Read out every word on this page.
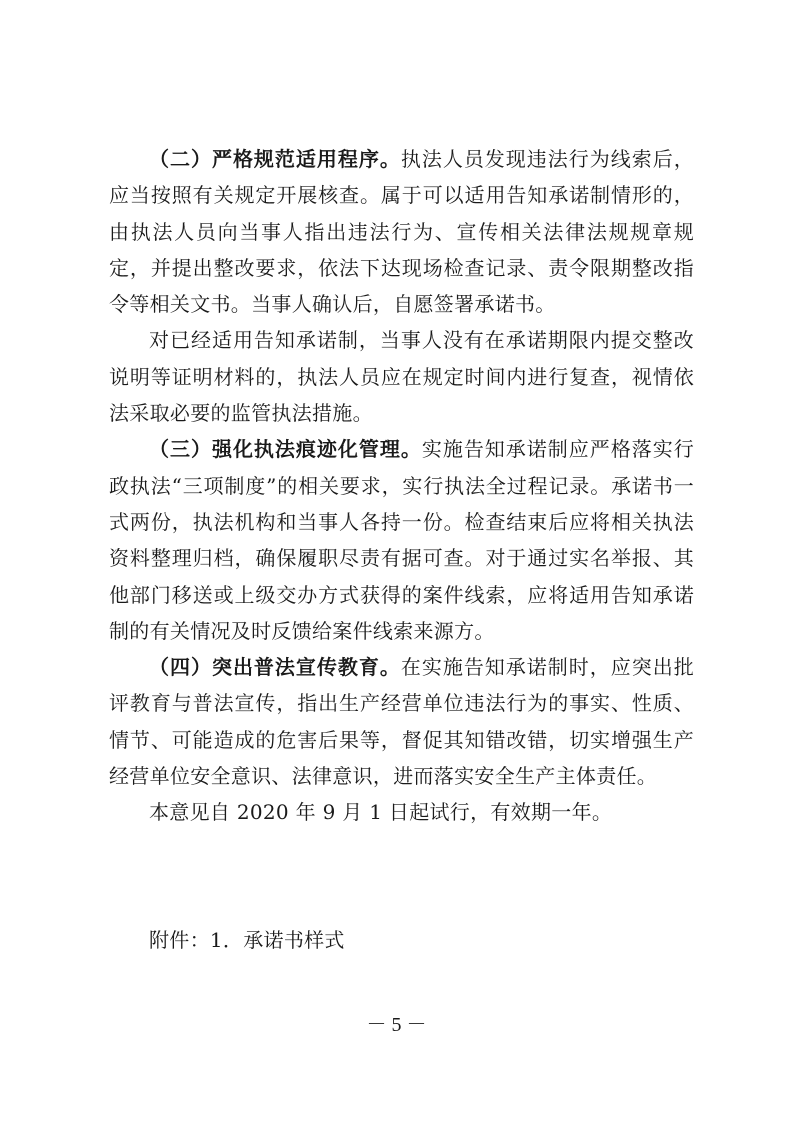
（二）严格规范适用程序。执法人员发现违法行为线索后，应当按照有关规定开展核查。属于可以适用告知承诺制情形的，由执法人员向当事人指出违法行为、宣传相关法律法规规章规定，并提出整改要求，依法下达现场检查记录、责令限期整改指令等相关文书。当事人确认后，自愿签署承诺书。

对已经适用告知承诺制，当事人没有在承诺期限内提交整改说明等证明材料的，执法人员应在规定时间内进行复查，视情依法采取必要的监管执法措施。

（三）强化执法痕迹化管理。实施告知承诺制应严格落实行政执法“三项制度”的相关要求，实行执法全过程记录。承诺书一式两份，执法机构和当事人各持一份。检查结束后应将相关执法资料整理归档，确保履职尽责有据可查。对于通过实名举报、其他部门移送或上级交办方式获得的案件线索，应将适用告知承诺制的有关情况及时反馈给案件线索来源方。

（四）突出普法宣传教育。在实施告知承诺制时，应突出批评教育与普法宣传，指出生产经营单位违法行为的事实、性质、情节、可能造成的危害后果等，督促其知错改错，切实增强生产经营单位安全意识、法律意识，进而落实安全生产主体责任。

本意见自 2020 年 9 月 1 日起试行，有效期一年。

附件：1．承诺书样式
－ 5 －
